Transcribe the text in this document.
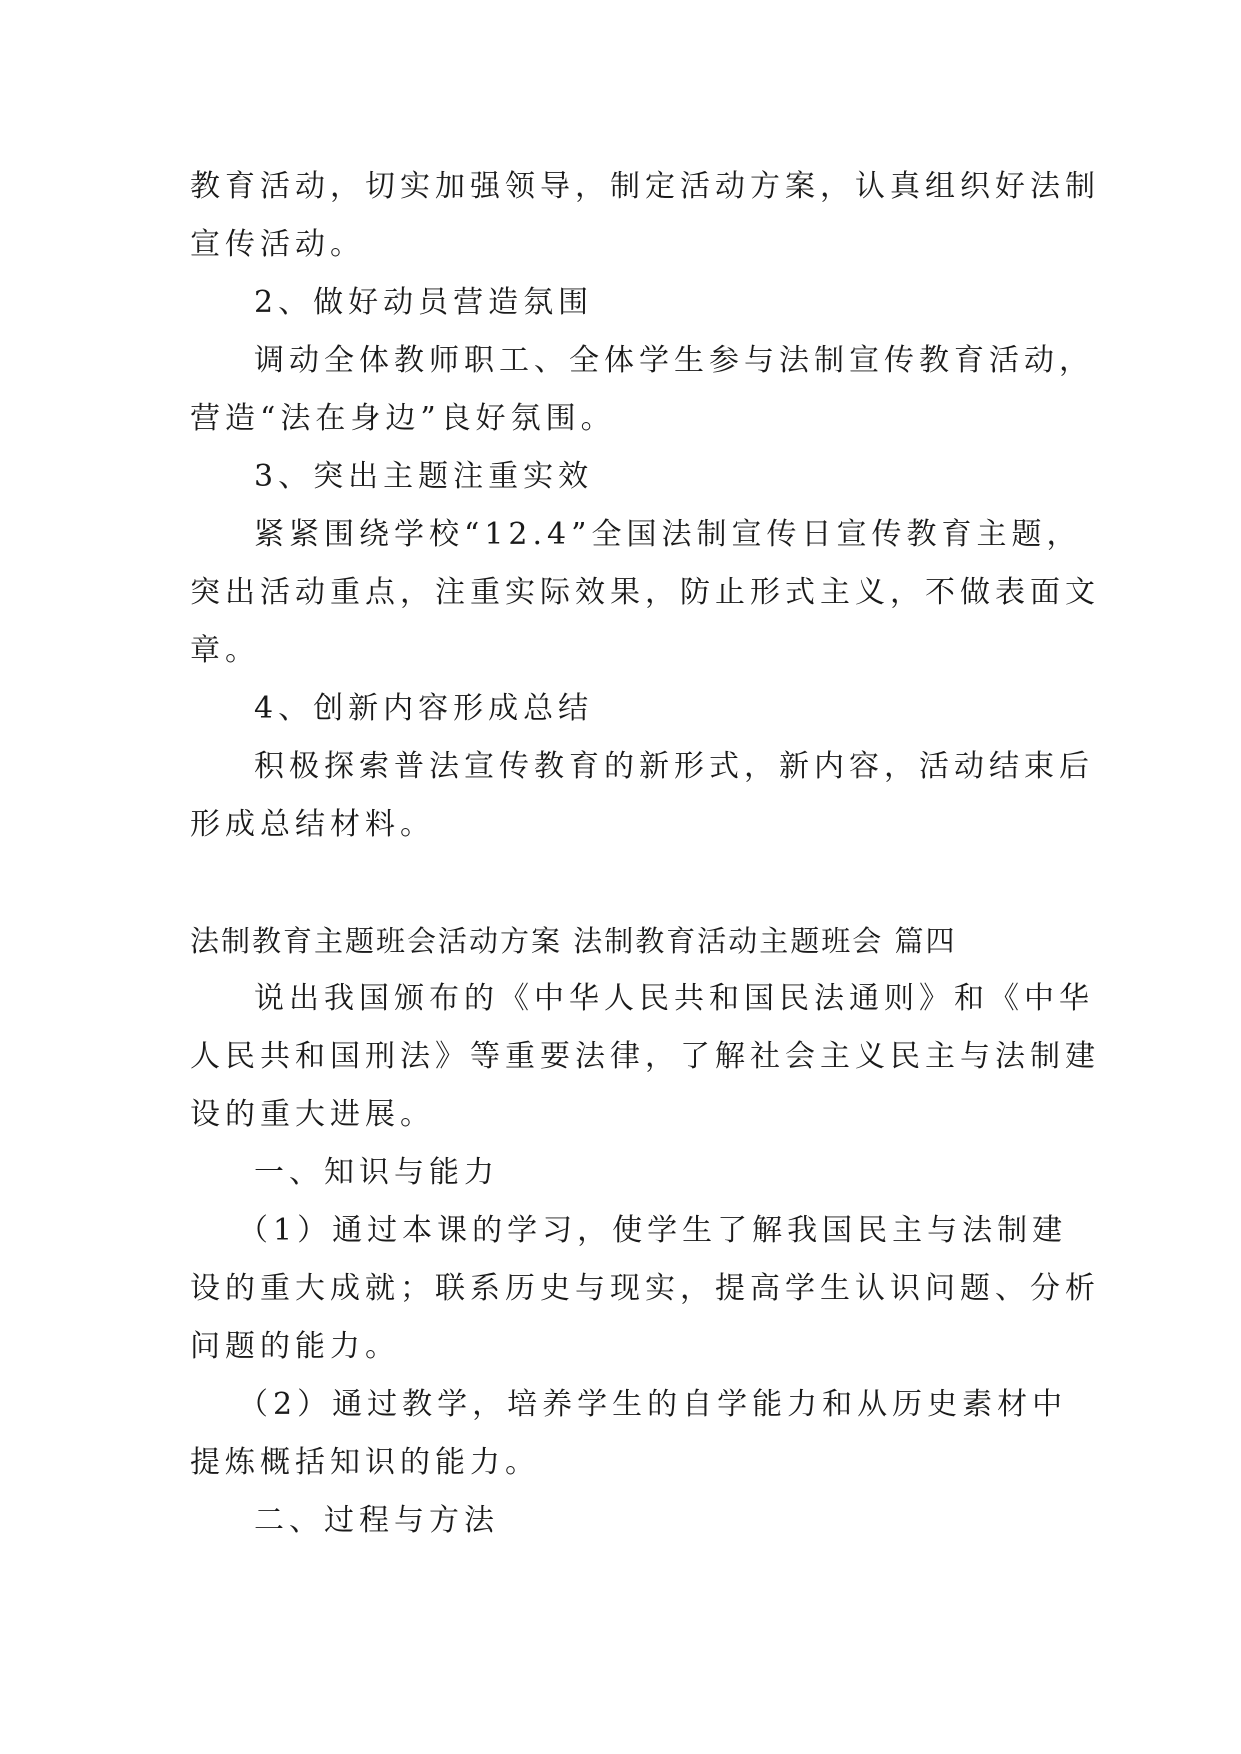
教育活动，切实加强领导，制定活动方案，认真组织好法制

宣传活动。

2、做好动员营造氛围

调动全体教师职工、全体学生参与法制宣传教育活动，

营造“法在身边”良好氛围。

3、突出主题注重实效

紧紧围绕学校“12.4”全国法制宣传日宣传教育主题，

突出活动重点，注重实际效果，防止形式主义，不做表面文

章。

4、创新内容形成总结

积极探索普法宣传教育的新形式，新内容，活动结束后

形成总结材料。

法制教育主题班会活动方案 法制教育活动主题班会 篇四

说出我国颁布的《中华人民共和国民法通则》和《中华

人民共和国刑法》等重要法律，了解社会主义民主与法制建

设的重大进展。

一、知识与能力

（1）通过本课的学习，使学生了解我国民主与法制建

设的重大成就；联系历史与现实，提高学生认识问题、分析

问题的能力。

（2）通过教学，培养学生的自学能力和从历史素材中

提炼概括知识的能力。

二、过程与方法
